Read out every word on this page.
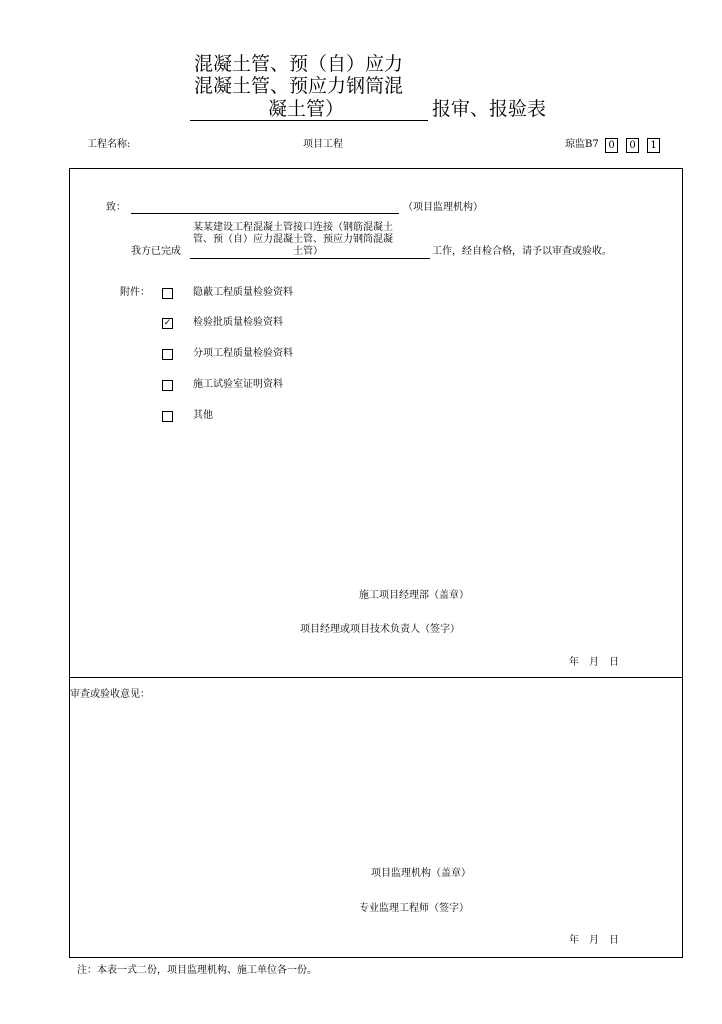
混凝土管、预（自）应力
混凝土管、预应力钢筒混
凝土管）	报审、报验表
工程名称:	项目工程	琼监B7 0	0	1
致：	（项目监理机构）
我方已完成
某某建设工程混凝土管接口连接（钢筋混凝土
管、预（自）应力混凝土管、预应力钢筒混凝
土管）	工作，经自检合格，请予以审查或验收。
附件：	隐蔽工程质量检验资料
✓ 检验批质量检验资料
分项工程质量检验资料
施工试验室证明资料
其他
施工项目经理部（盖章）
项目经理或项目技术负责人（签字）
年　月　日
审查或验收意见：
项目监理机构（盖章）
专业监理工程师（签字）
年　月　日
注：本表一式二份，项目监理机构、施工单位各一份。
